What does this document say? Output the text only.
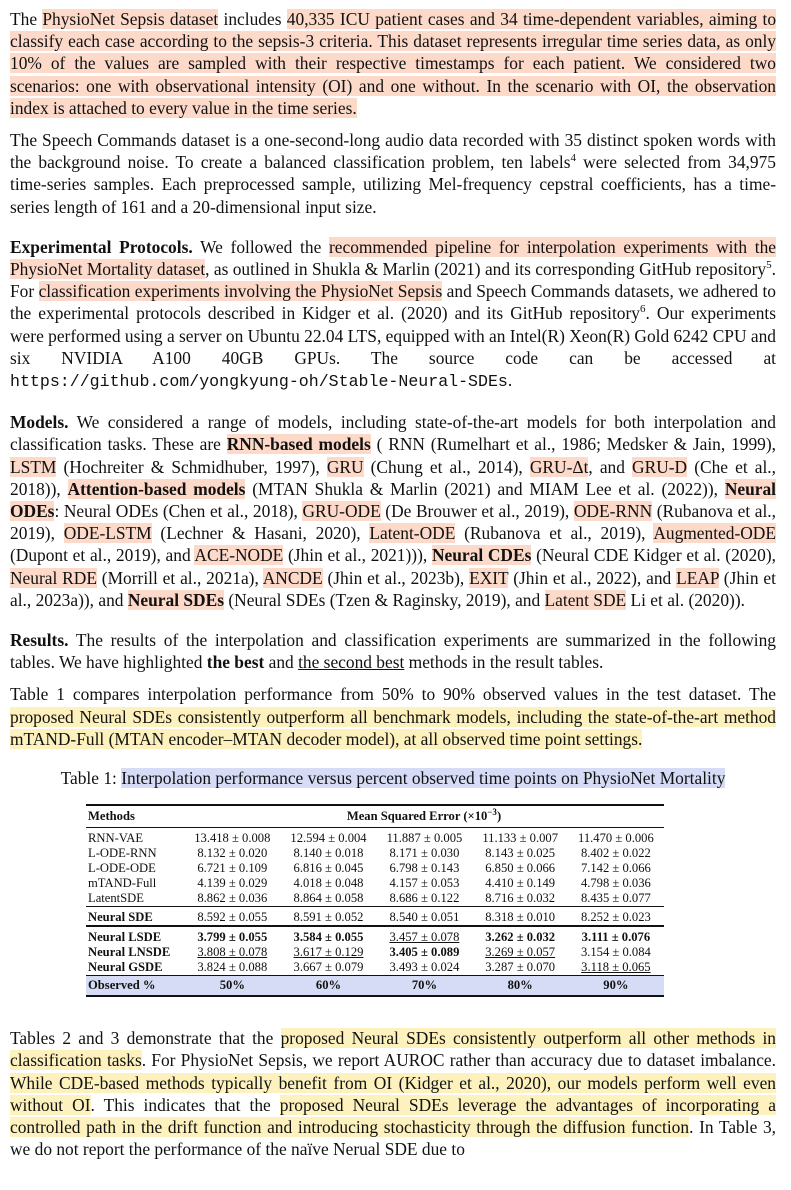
The PhysioNet Sepsis dataset includes 40,335 ICU patient cases and 34 time-dependent variables, aiming to classify each case according to the sepsis-3 criteria. This dataset represents irregular time series data, as only 10% of the values are sampled with their respective timestamps for each patient. We considered two scenarios: one with observational intensity (OI) and one without. In the scenario with OI, the observation index is attached to every value in the time series.

The Speech Commands dataset is a one-second-long audio data recorded with 35 distinct spoken words with the background noise. To create a balanced classification problem, ten labels$^4$ were selected from 34,975 time-series samples. Each preprocessed sample, utilizing Mel-frequency cepstral coefficients, has a time-series length of 161 and a 20-dimensional input size.

Experimental Protocols. We followed the recommended pipeline for interpolation experiments with the PhysioNet Mortality dataset, as outlined in Shukla & Marlin (2021) and its corresponding GitHub repository$^5$. For classification experiments involving the PhysioNet Sepsis and Speech Commands datasets, we adhered to the experimental protocols described in Kidger et al. (2020) and its GitHub repository$^6$. Our experiments were performed using a server on Ubuntu 22.04 LTS, equipped with an Intel(R) Xeon(R) Gold 6242 CPU and six NVIDIA A100 40GB GPUs. The source code can be accessed at https://github.com/yongkyung-oh/Stable-Neural-SDEs.

Models. We considered a range of models, including state-of-the-art models for both interpolation and classification tasks. These are RNN-based models ( RNN (Rumelhart et al., 1986; Medsker & Jain, 1999), LSTM (Hochreiter & Schmidhuber, 1997), GRU (Chung et al., 2014), GRU-Δt, and GRU-D (Che et al., 2018)), Attention-based models (MTAN Shukla & Marlin (2021) and MIAM Lee et al. (2022)), Neural ODEs: Neural ODEs (Chen et al., 2018), GRU-ODE (De Brouwer et al., 2019), ODE-RNN (Rubanova et al., 2019), ODE-LSTM (Lechner & Hasani, 2020), Latent-ODE (Rubanova et al., 2019), Augmented-ODE (Dupont et al., 2019), and ACE-NODE (Jhin et al., 2021))), Neural CDEs (Neural CDE Kidger et al. (2020), Neural RDE (Morrill et al., 2021a), ANCDE (Jhin et al., 2023b), EXIT (Jhin et al., 2022), and LEAP (Jhin et al., 2023a)), and Neural SDEs (Neural SDEs (Tzen & Raginsky, 2019), and Latent SDE Li et al. (2020)).

Results. The results of the interpolation and classification experiments are summarized in the following tables. We have highlighted the best and the second best methods in the result tables.

Table 1 compares interpolation performance from 50% to 90% observed values in the test dataset. The proposed Neural SDEs consistently outperform all benchmark models, including the state-of-the-art method mTAND-Full (MTAN encoder–MTAN decoder model), at all observed time point settings.

Table 1: Interpolation performance versus percent observed time points on PhysioNet Mortality
Methods	Mean Squared Error $(\times 10^{-3})$				
RNN-VAE	13.418 ± 0.008	12.594 ± 0.004	11.887 ± 0.005	11.133 ± 0.007	11.470 ± 0.006
L-ODE-RNN	8.132 ± 0.020	8.140 ± 0.018	8.171 ± 0.030	8.143 ± 0.025	8.402 ± 0.022
L-ODE-ODE	6.721 ± 0.109	6.816 ± 0.045	6.798 ± 0.143	6.850 ± 0.066	7.142 ± 0.066
mTAND-Full	4.139 ± 0.029	4.018 ± 0.048	4.157 ± 0.053	4.410 ± 0.149	4.798 ± 0.036
LatentSDE	8.862 ± 0.036	8.864 ± 0.058	8.686 ± 0.122	8.716 ± 0.032	8.435 ± 0.077
Neural SDE	8.592 ± 0.055	8.591 ± 0.052	8.540 ± 0.051	8.318 ± 0.010	8.252 ± 0.023
Neural LSDE	3.799 ± 0.055	3.584 ± 0.055	3.457 ± 0.078	3.262 ± 0.032	3.111 ± 0.076
Neural LNSDE	3.808 ± 0.078	3.617 ± 0.129	3.405 ± 0.089	3.269 ± 0.057	3.154 ± 0.084
Neural GSDE	3.824 ± 0.088	3.667 ± 0.079	3.493 ± 0.024	3.287 ± 0.070	3.118 ± 0.065
Observed %	50%	60%	70%	80%	90%

Tables 2 and 3 demonstrate that the proposed Neural SDEs consistently outperform all other methods in classification tasks. For PhysioNet Sepsis, we report AUROC rather than accuracy due to dataset imbalance. While CDE-based methods typically benefit from OI (Kidger et al., 2020), our models perform well even without OI. This indicates that the proposed Neural SDEs leverage the advantages of incorporating a controlled path in the drift function and introducing stochasticity through the diffusion function. In Table 3, we do not report the performance of the naïve Nerual SDE due to
